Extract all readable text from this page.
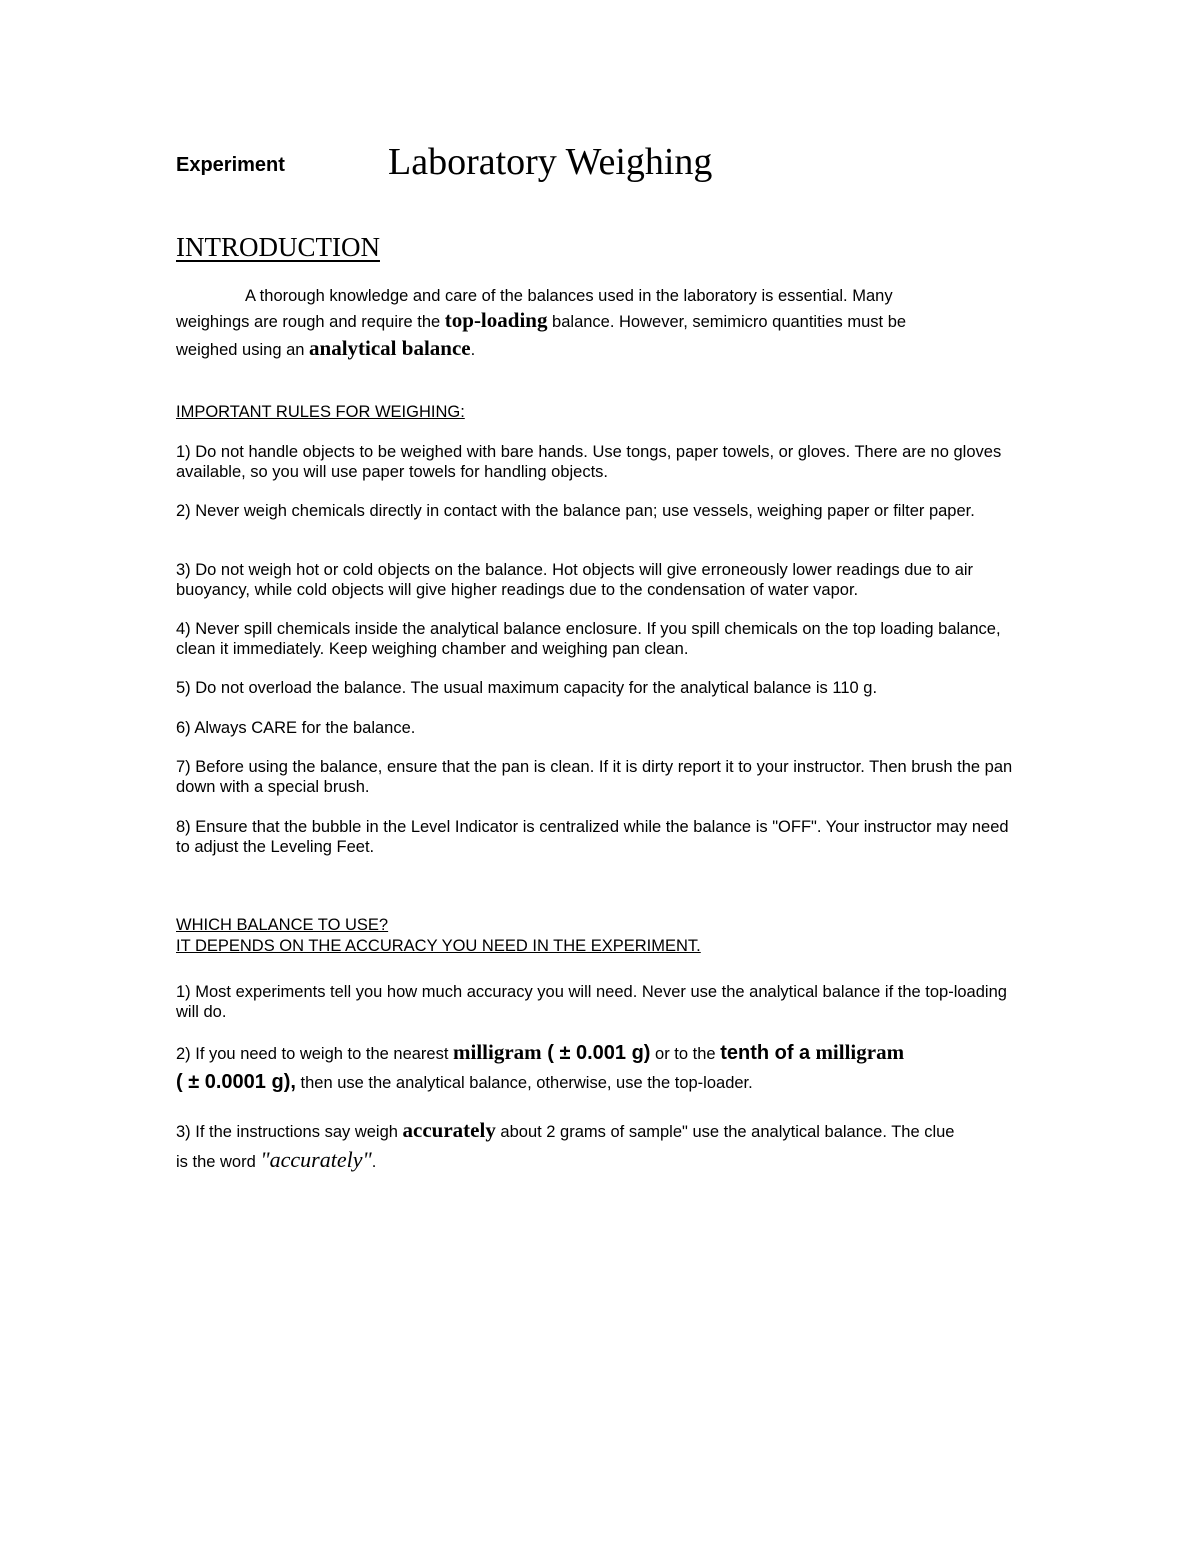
Experiment	Laboratory Weighing
INTRODUCTION
A thorough knowledge and care of the balances used in the laboratory is essential. Many
weighings are rough and require the top-loading balance. However, semimicro quantities must be
weighed using an analytical balance.
IMPORTANT RULES FOR WEIGHING:
1) Do not handle objects to be weighed with bare hands. Use tongs, paper towels, or gloves. There are no gloves available, so you will use paper towels for handling objects.
2) Never weigh chemicals directly in contact with the balance pan; use vessels, weighing paper or filter paper.
3) Do not weigh hot or cold objects on the balance. Hot objects will give erroneously lower readings due to air buoyancy, while cold objects will give higher readings due to the condensation of water vapor.
4) Never spill chemicals inside the analytical balance enclosure. If you spill chemicals on the top loading balance, clean it immediately. Keep weighing chamber and weighing pan clean.
5) Do not overload the balance. The usual maximum capacity for the analytical balance is 110 g.
6) Always CARE for the balance.
7) Before using the balance, ensure that the pan is clean. If it is dirty report it to your instructor. Then brush the pan down with a special brush.
8) Ensure that the bubble in the Level Indicator is centralized while the balance is "OFF". Your instructor may need to adjust the Leveling Feet.
WHICH BALANCE TO USE?
IT DEPENDS ON THE ACCURACY YOU NEED IN THE EXPERIMENT.
1) Most experiments tell you how much accuracy you will need. Never use the analytical balance if the top-loading will do.
2) If you need to weigh to the nearest milligram ( ± 0.001 g) or to the tenth of a milligram
( ± 0.0001 g), then use the analytical balance, otherwise, use the top-loader.
3) If the instructions say weigh accurately about 2 grams of sample" use the analytical balance. The clue
is the word "accurately".
